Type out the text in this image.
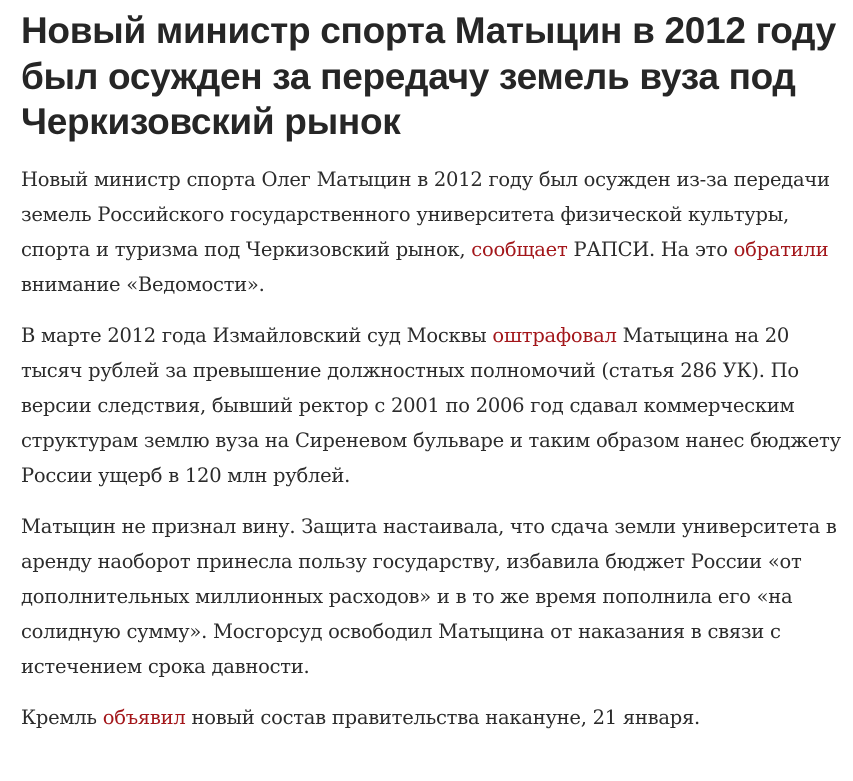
Новый министр спорта Матыцин в 2012 году был осужден за передачу земель вуза под Черкизовский рынок

Новый министр спорта Олег Матыцин в 2012 году был осужден из-за передачи земель Российского государственного университета физической культуры, спорта и туризма под Черкизовский рынок, сообщает РАПСИ. На это обратили внимание «Ведомости».

В марте 2012 года Измайловский суд Москвы оштрафовал Матыцина на 20 тысяч рублей за превышение должностных полномочий (статья 286 УК). По версии следствия, бывший ректор с 2001 по 2006 год сдавал коммерческим структурам землю вуза на Сиреневом бульваре и таким образом нанес бюджету России ущерб в 120 млн рублей.

Матыцин не признал вину. Защита настаивала, что сдача земли университета в аренду наоборот принесла пользу государству, избавила бюджет России «от дополнительных миллионных расходов» и в то же время пополнила его «на солидную сумму». Мосгорсуд освободил Матыцина от наказания в связи с истечением срока давности.

Кремль объявил новый состав правительства накануне, 21 января.
